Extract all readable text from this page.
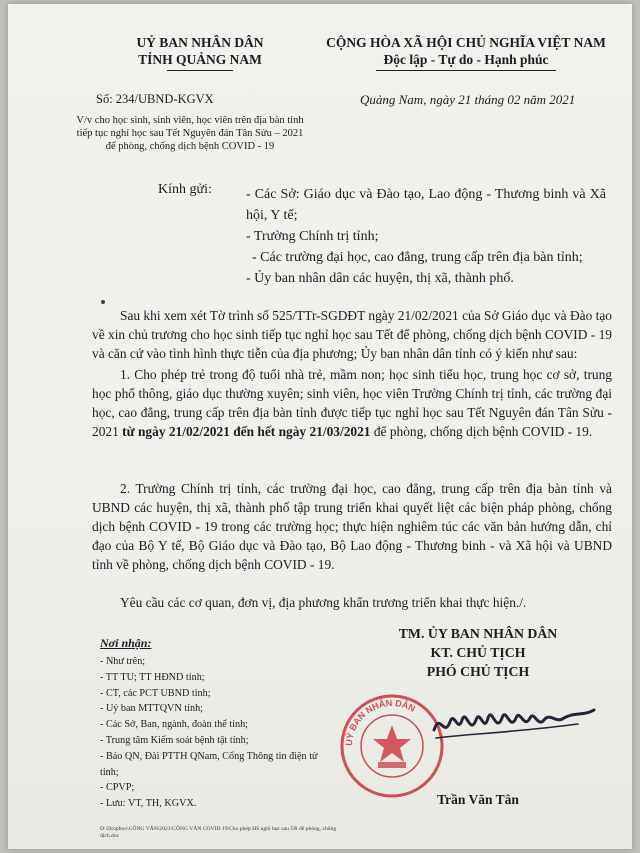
UỶ BAN NHÂN DÂN
TỈNH QUẢNG NAM
CỘNG HÒA XÃ HỘI CHỦ NGHĨA VIỆT NAM
Độc lập - Tự do - Hạnh phúc
Số: 234/UBND-KGVX	Quảng Nam, ngày 21 tháng 02 năm 2021
V/v cho học sinh, sinh viên, học viên trên địa bàn tỉnh tiếp tục nghỉ học sau Tết Nguyên đán Tân Sửu – 2021 để phòng, chống dịch bệnh COVID - 19
Kính gửi: - Các Sở: Giáo dục và Đào tạo, Lao động - Thương binh và Xã hội, Y tế;
- Trường Chính trị tỉnh;
- Các trường đại học, cao đẳng, trung cấp trên địa bàn tỉnh;
- Ủy ban nhân dân các huyện, thị xã, thành phố.
Sau khi xem xét Tờ trình số 525/TTr-SGDĐT ngày 21/02/2021 của Sở Giáo dục và Đào tạo về xin chủ trương cho học sinh tiếp tục nghỉ học sau Tết để phòng, chống dịch bệnh COVID - 19 và căn cứ vào tình hình thực tiễn của địa phương; Ủy ban nhân dân tỉnh có ý kiến như sau:
1. Cho phép trẻ trong độ tuổi nhà trẻ, mầm non; học sinh tiểu học, trung học cơ sở, trung học phổ thông, giáo dục thường xuyên; sinh viên, học viên Trường Chính trị tỉnh, các trường đại học, cao đẳng, trung cấp trên địa bàn tỉnh được tiếp tục nghỉ học sau Tết Nguyên đán Tân Sửu - 2021 từ ngày 21/02/2021 đến hết ngày 21/03/2021 để phòng, chống dịch bệnh COVID - 19.
2. Trường Chính trị tỉnh, các trường đại học, cao đẳng, trung cấp trên địa bàn tỉnh và UBND các huyện, thị xã, thành phố tập trung triển khai quyết liệt các biện pháp phòng, chống dịch bệnh COVID - 19 trong các trường học; thực hiện nghiêm túc các văn bản hướng dẫn, chỉ đạo của Bộ Y tế, Bộ Giáo dục và Đào tạo, Bộ Lao động - Thương binh - và Xã hội và UBND tỉnh về phòng, chống dịch bệnh COVID - 19.
Yêu cầu các cơ quan, đơn vị, địa phương khẩn trương triển khai thực hiện./.
Nơi nhận:
- Như trên;
- TT TU; TT HĐND tỉnh;
- CT, các PCT UBND tỉnh;
- Uỷ ban MTTQVN tỉnh;
- Các Sở, Ban, ngành, đoàn thể tỉnh;
- Trung tâm Kiểm soát bệnh tật tỉnh;
- Báo QN, Đài PTTH QNam, Cổng Thông tin điện tử tỉnh;
- CPVP;
- Lưu: VT, TH, KGVX.
D:\Dropbox\CÔNG VĂN\2021\CÔNG VĂN COVID 19\Cho phép HS nghỉ học sau Tết để phòng, chống dịch.doc
TM. ỦY BAN NHÂN DÂN
KT. CHỦ TỊCH
PHÓ CHỦ TỊCH
UỶ BAN NHÂN DÂN
Trần Văn Tân
